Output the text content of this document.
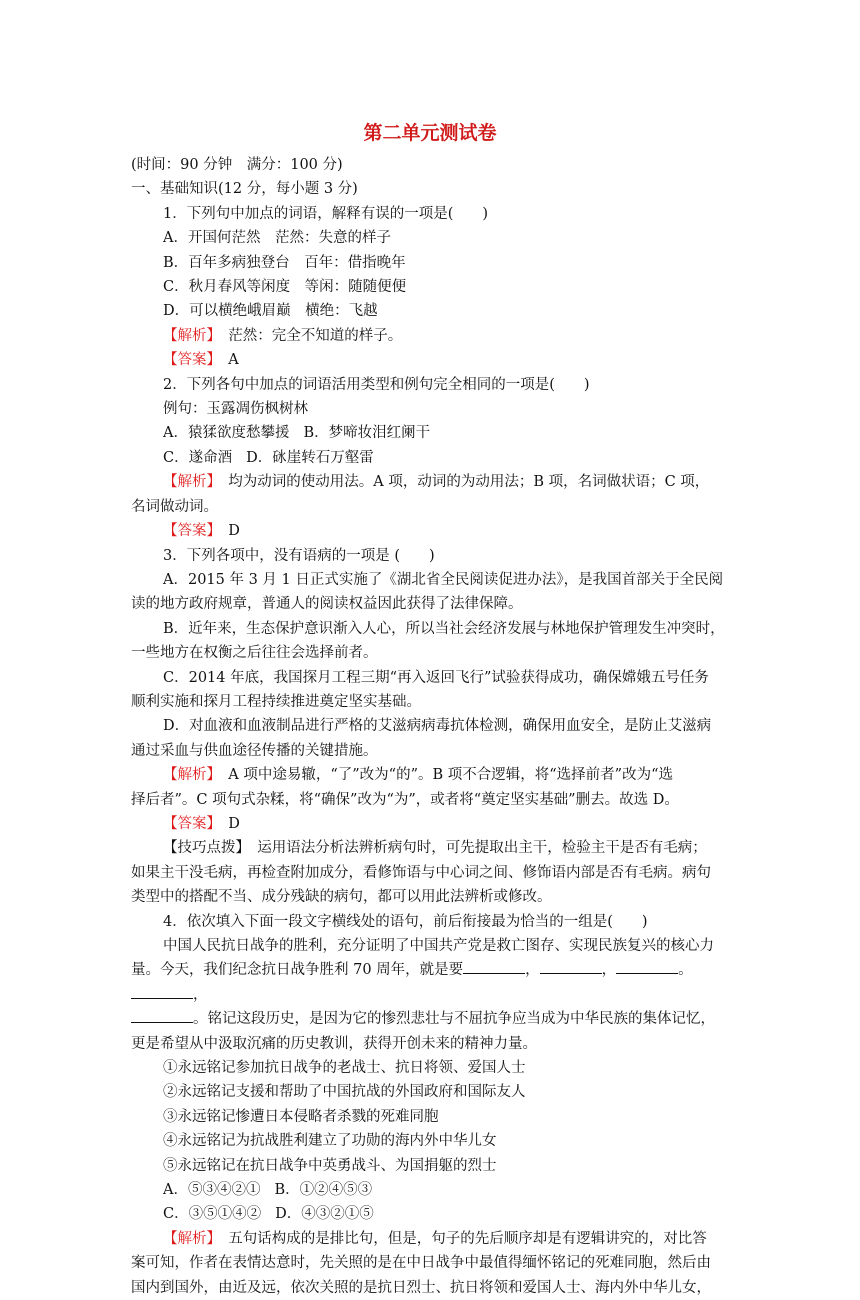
第二单元测试卷

(时间：90 分钟　满分：100 分)

一、基础知识(12 分，每小题 3 分)

1．下列句中加点的词语，解释有误的一项是(　　)

A．开国何茫然　茫然：失意的样子

B．百年多病独登台　百年：借指晚年

C．秋月春风等闲度　等闲：随随便便

D．可以横绝峨眉巅　横绝：飞越

【解析】　茫然：完全不知道的样子。

【答案】　A

2．下列各句中加点的词语活用类型和例句完全相同的一项是(　　)

例句：玉露凋伤枫树林

A．猿猱欲度愁攀援 B．梦啼妆泪红阑干

C．遂命酒 D．砯崖转石万壑雷

【解析】　均为动词的使动用法。A 项，动词的为动用法；B 项，名词做状语；C 项，

名词做动词。

【答案】　D

3．下列各项中，没有语病的一项是 (　　)

A．2015 年 3 月 1 日正式实施了《湖北省全民阅读促进办法》，是我国首部关于全民阅

读的地方政府规章，普通人的阅读权益因此获得了法律保障。

B．近年来，生态保护意识渐入人心，所以当社会经济发展与林地保护管理发生冲突时，

一些地方在权衡之后往往会选择前者。

C．2014 年底，我国探月工程三期“再入返回飞行”试验获得成功，确保嫦娥五号任务

顺利实施和探月工程持续推进奠定坚实基础。

D．对血液和血液制品进行严格的艾滋病病毒抗体检测，确保用血安全，是防止艾滋病

通过采血与供血途径传播的关键措施。

【解析】　A 项中途易辙，“了”改为“的”。B 项不合逻辑，将“选择前者”改为“选

择后者”。C 项句式杂糅，将“确保”改为“为”，或者将“奠定坚实基础”删去。故选 D。

【答案】　D

【技巧点拨】　运用语法分析法辨析病句时，可先提取出主干，检验主干是否有毛病；

如果主干没毛病，再检查附加成分，看修饰语与中心词之间、修饰语内部是否有毛病。病句

类型中的搭配不当、成分残缺的病句，都可以用此法辨析或修改。

4．依次填入下面一段文字横线处的语句，前后衔接最为恰当的一组是(　　)

中国人民抗日战争的胜利，充分证明了中国共产党是救亡图存、实现民族复兴的核心力

量。今天，我们纪念抗日战争胜利 70 周年，就是要	，	，	。，

。铭记这段历史，是因为它的惨烈悲壮与不屈抗争应当成为中华民族的集体记忆，

更是希望从中汲取沉痛的历史教训，获得开创未来的精神力量。

①永远铭记参加抗日战争的老战士、抗日将领、爱国人士

②永远铭记支援和帮助了中国抗战的外国政府和国际友人

③永远铭记惨遭日本侵略者杀戮的死难同胞

④永远铭记为抗战胜利建立了功勋的海内外中华儿女

⑤永远铭记在抗日战争中英勇战斗、为国捐躯的烈士

A．⑤③④②① B．①②④⑤③

C．③⑤①④② D．④③②①⑤

【解析】　五句话构成的是排比句，但是，句子的先后顺序却是有逻辑讲究的，对比答

案可知，作者在表情达意时，先关照的是在中日战争中最值得缅怀铭记的死难同胞，然后由

国内到国外，由近及远，依次关照的是抗日烈士、抗日将领和爱国人士、海内外中华儿女，
